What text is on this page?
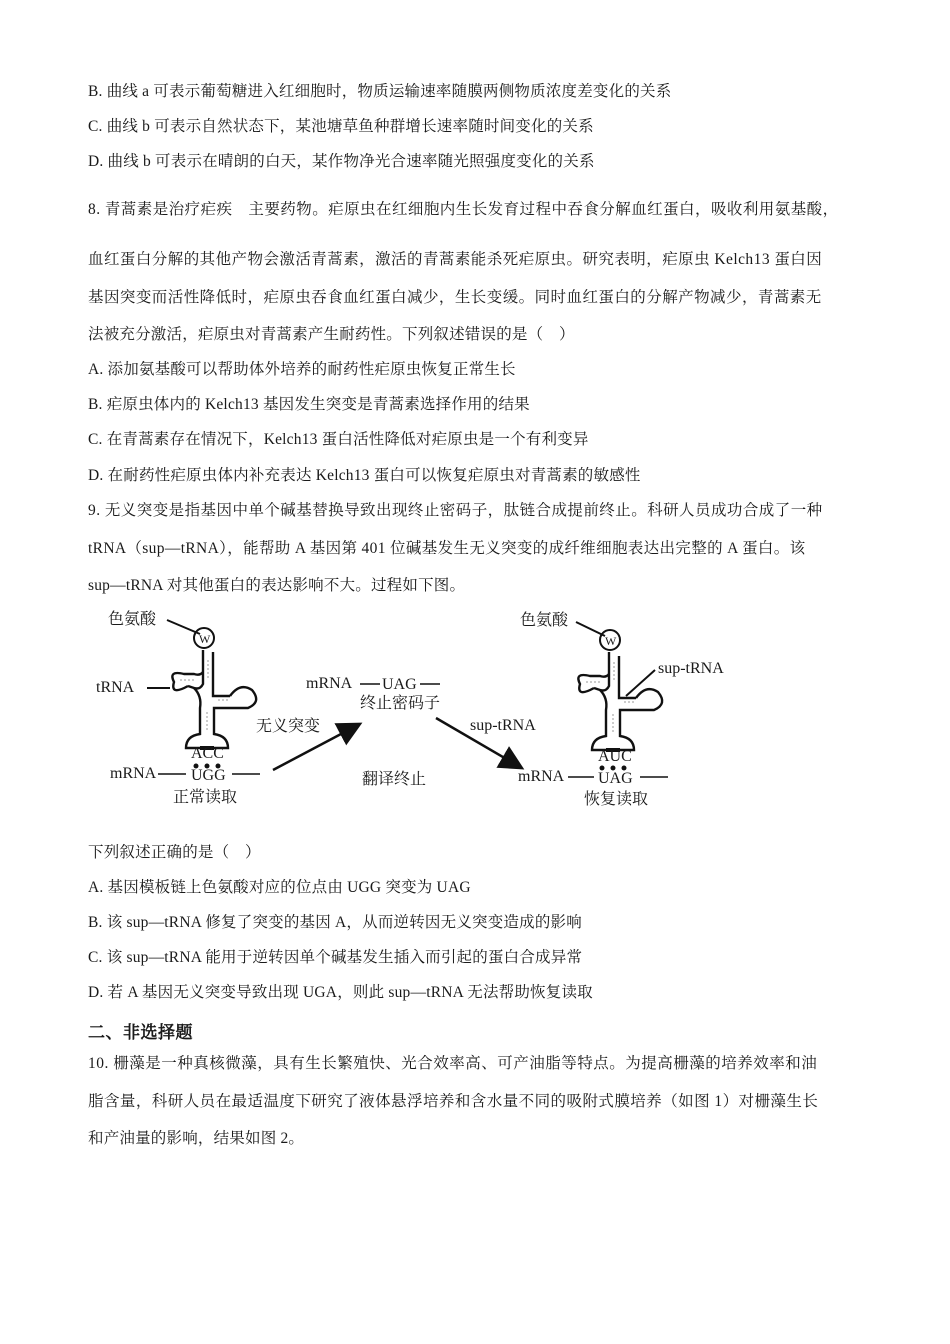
B. 曲线 a 可表示葡萄糖进入红细胞时，物质运输速率随膜两侧物质浓度差变化的关系
C. 曲线 b 可表示自然状态下，某池塘草鱼种群增长速率随时间变化的关系
D. 曲线 b 可表示在晴朗的白天，某作物净光合速率随光照强度变化的关系
8. 青蒿素是治疗疟疾　主要药物。疟原虫在红细胞内生长发育过程中吞食分解血红蛋白，吸收利用氨基酸，
血红蛋白分解的其他产物会激活青蒿素，激活的青蒿素能杀死疟原虫。研究表明，疟原虫 Kelch13 蛋白因
基因突变而活性降低时，疟原虫吞食血红蛋白减少，生长变缓。同时血红蛋白的分解产物减少，青蒿素无
法被充分激活，疟原虫对青蒿素产生耐药性。下列叙述错误的是（　）
A. 添加氨基酸可以帮助体外培养的耐药性疟原虫恢复正常生长
B. 疟原虫体内的 Kelch13 基因发生突变是青蒿素选择作用的结果
C. 在青蒿素存在情况下，Kelch13 蛋白活性降低对疟原虫是一个有利变异
D. 在耐药性疟原虫体内补充表达 Kelch13 蛋白可以恢复疟原虫对青蒿素的敏感性
9. 无义突变是指基因中单个碱基替换导致出现终止密码子，肽链合成提前终止。科研人员成功合成了一种
tRNA（sup—tRNA），能帮助 A 基因第 401 位碱基发生无义突变的成纤维细胞表达出完整的 A 蛋白。该
sup—tRNA 对其他蛋白的表达影响不大。过程如下图。
色氨酸
W
tRNA
ACC
mRNA UGG
正常读取
无义突变
mRNA UAG
终止密码子
翻译终止
sup-tRNA
色氨酸
W
sup-tRNA
AUC
mRNA UAG
恢复读取
下列叙述正确的是（　）
A. 基因模板链上色氨酸对应的位点由 UGG 突变为 UAG
B. 该 sup—tRNA 修复了突变的基因 A，从而逆转因无义突变造成的影响
C. 该 sup—tRNA 能用于逆转因单个碱基发生插入而引起的蛋白合成异常
D. 若 A 基因无义突变导致出现 UGA，则此 sup—tRNA 无法帮助恢复读取
二、非选择题
10. 栅藻是一种真核微藻，具有生长繁殖快、光合效率高、可产油脂等特点。为提高栅藻的培养效率和油
脂含量，科研人员在最适温度下研究了液体悬浮培养和含水量不同的吸附式膜培养（如图 1）对栅藻生长
和产油量的影响，结果如图 2。
